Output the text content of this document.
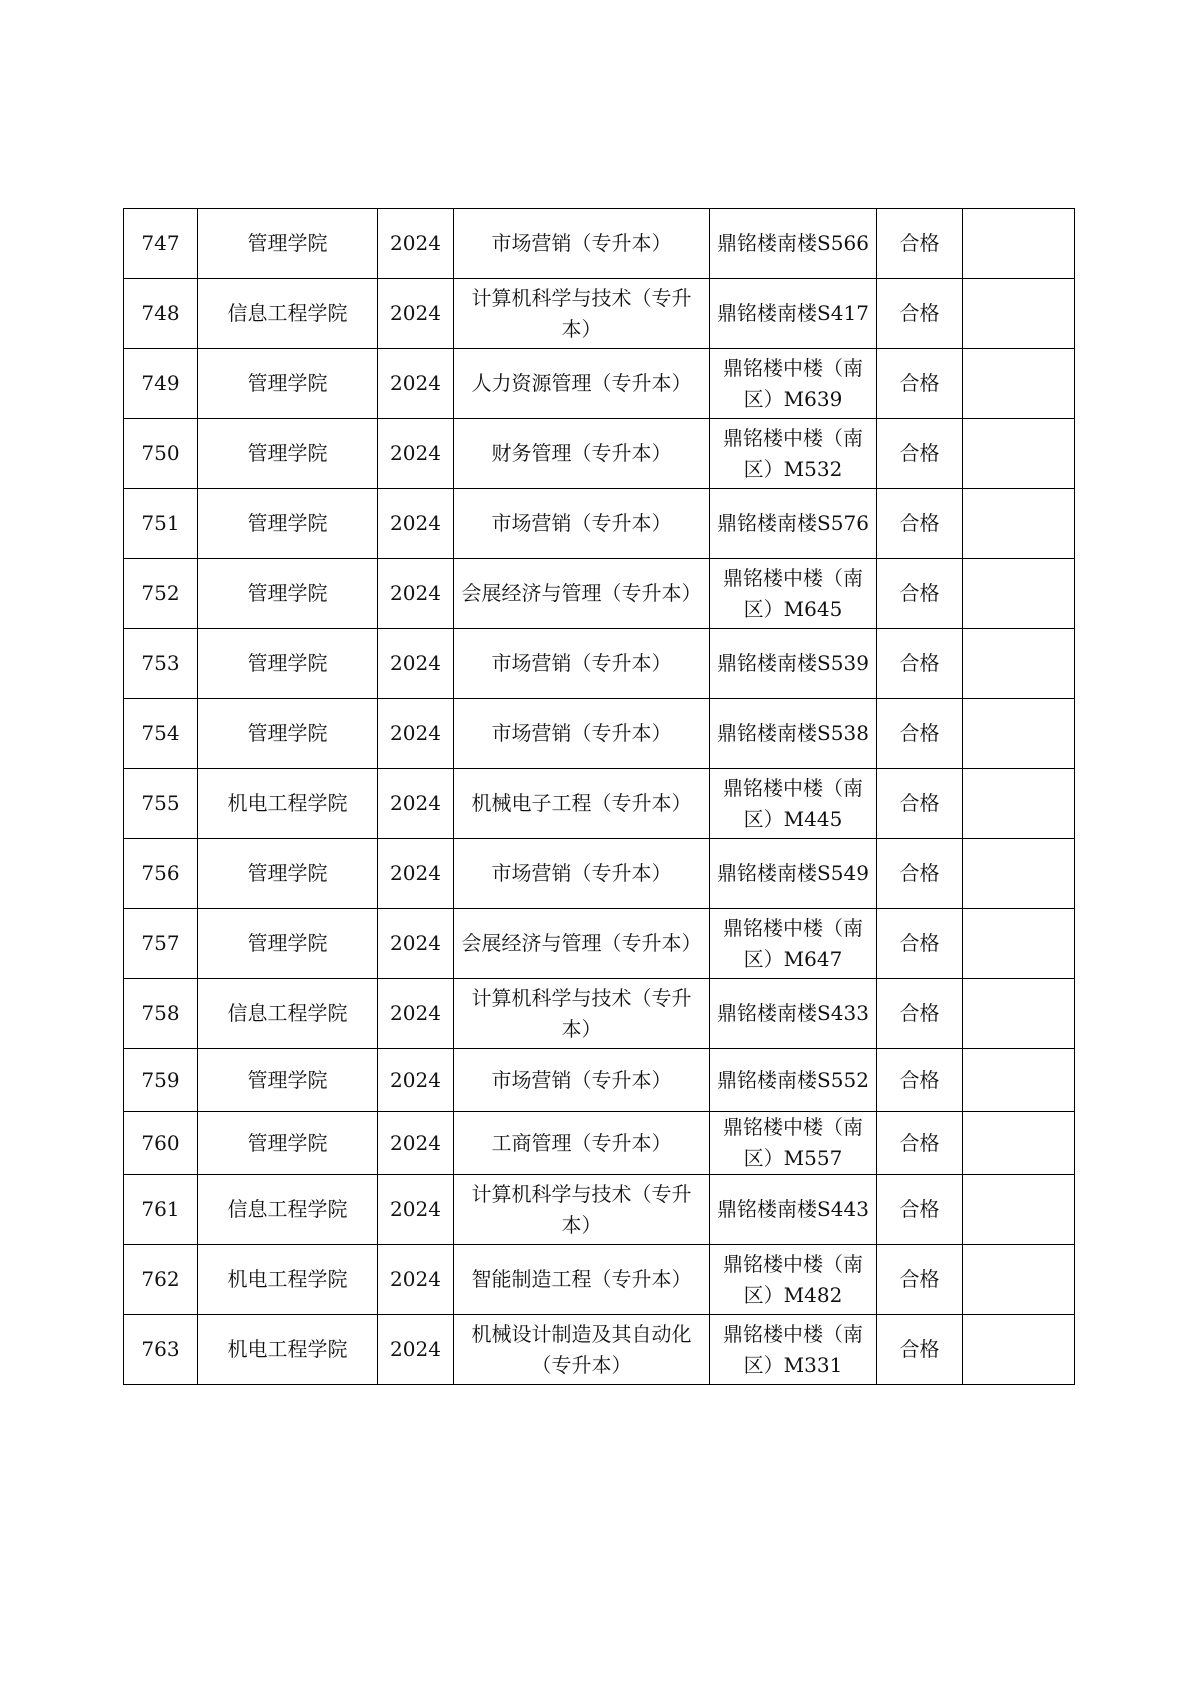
747	管理学院	2024	市场营销（专升本）	鼎铭楼南楼S566	合格	
748	信息工程学院	2024	计算机科学与技术（专升本）	鼎铭楼南楼S417	合格	
749	管理学院	2024	人力资源管理（专升本）	鼎铭楼中楼（南区）M639	合格	
750	管理学院	2024	财务管理（专升本）	鼎铭楼中楼（南区）M532	合格	
751	管理学院	2024	市场营销（专升本）	鼎铭楼南楼S576	合格	
752	管理学院	2024	会展经济与管理（专升本）	鼎铭楼中楼（南区）M645	合格	
753	管理学院	2024	市场营销（专升本）	鼎铭楼南楼S539	合格	
754	管理学院	2024	市场营销（专升本）	鼎铭楼南楼S538	合格	
755	机电工程学院	2024	机械电子工程（专升本）	鼎铭楼中楼（南区）M445	合格	
756	管理学院	2024	市场营销（专升本）	鼎铭楼南楼S549	合格	
757	管理学院	2024	会展经济与管理（专升本）	鼎铭楼中楼（南区）M647	合格	
758	信息工程学院	2024	计算机科学与技术（专升本）	鼎铭楼南楼S433	合格	
759	管理学院	2024	市场营销（专升本）	鼎铭楼南楼S552	合格	
760	管理学院	2024	工商管理（专升本）	鼎铭楼中楼（南区）M557	合格	
761	信息工程学院	2024	计算机科学与技术（专升本）	鼎铭楼南楼S443	合格	
762	机电工程学院	2024	智能制造工程（专升本）	鼎铭楼中楼（南区）M482	合格	
763	机电工程学院	2024	机械设计制造及其自动化（专升本）	鼎铭楼中楼（南区）M331	合格	
